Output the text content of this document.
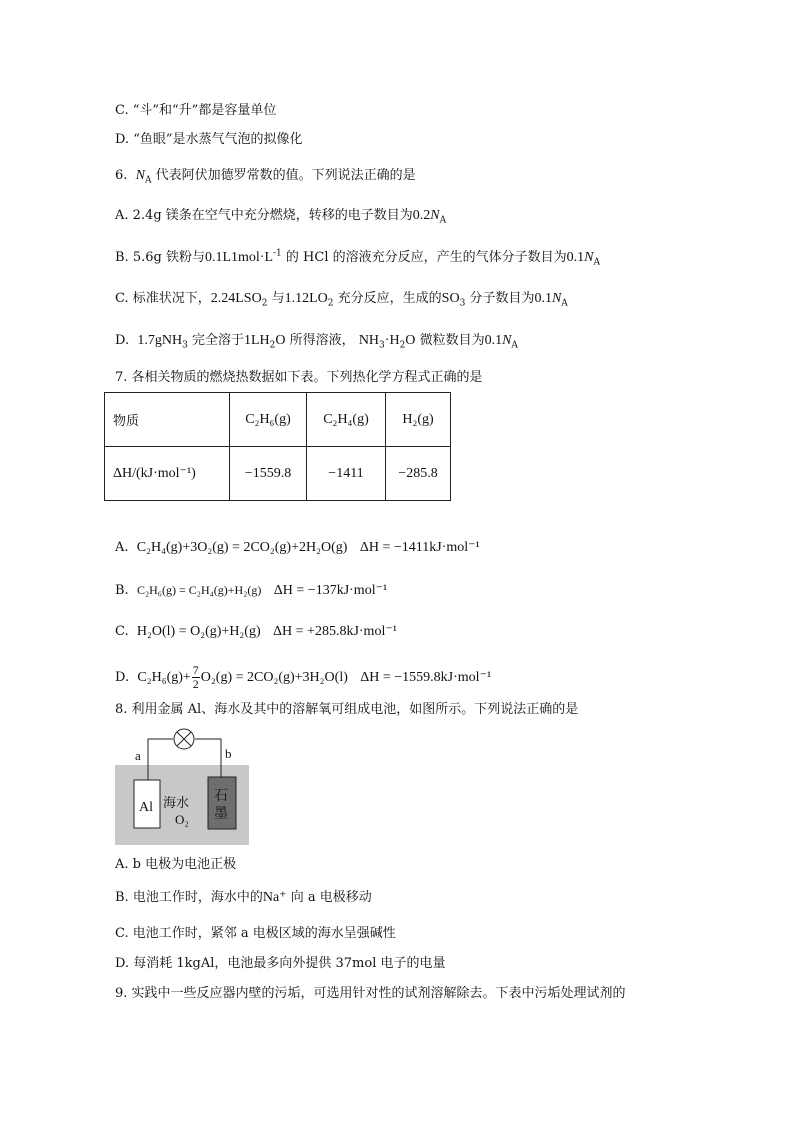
C. “斗”和“升”都是容量单位
D. “鱼眼”是水蒸气气泡的拟像化
6. $N_A$ 代表阿伏加德罗常数的值。下列说法正确的是
A. 2.4g 镁条在空气中充分燃烧，转移的电子数目为$0.2N_A$
B. 5.6g 铁粉与$0.1L1mol\cdot L^{-1}$ 的 HCl 的溶液充分反应，产生的气体分子数目为$0.1N_A$
C. 标准状况下，$2.24LSO_2$ 与$1.12LO_2$ 充分反应，生成的$SO_3$ 分子数目为$0.1N_A$
D. 1.7gNH$_3$ 完全溶于$1LH_2O$ 所得溶液， $NH_3\cdot H_2O$ 微粒数目为$0.1N_A$
7. 各相关物质的燃烧热数据如下表。下列热化学方程式正确的是
物质	C₂H₆(g)	C₂H₄(g)	H₂(g)
ΔH/(kJ·mol⁻¹)	−1559.8	−1411	−285.8
A. C₂H₄(g)+3O₂(g) = 2CO₂(g)+2H₂O(g) ΔH = −1411kJ·mol⁻¹
B. C₂H₆(g) = C₂H₄(g)+H₂(g) ΔH = −137kJ·mol⁻¹
C. H₂O(l) = O₂(g)+H₂(g) ΔH = +285.8kJ·mol⁻¹
D. $C_2H_6(g)+ \frac{7}{2} O_2(g) = 2CO_2(g)+3H_2O(l) \Delta H = -1559.8kJ\cdot mol^{-1}$
8. 利用金属 Al、海水及其中的溶解氧可组成电池，如图所示。下列说法正确的是
a	b
Al 海水
O₂
石
墨
A. b 电极为电池正极
B. 电池工作时，海水中的Na⁺ 向 a 电极移动
C. 电池工作时，紧邻 a 电极区域的海水呈强碱性
D. 每消耗 1kgAl，电池最多向外提供 37mol 电子的电量
9. 实践中一些反应器内壁的污垢，可选用针对性的试剂溶解除去。下表中污垢处理试剂的
